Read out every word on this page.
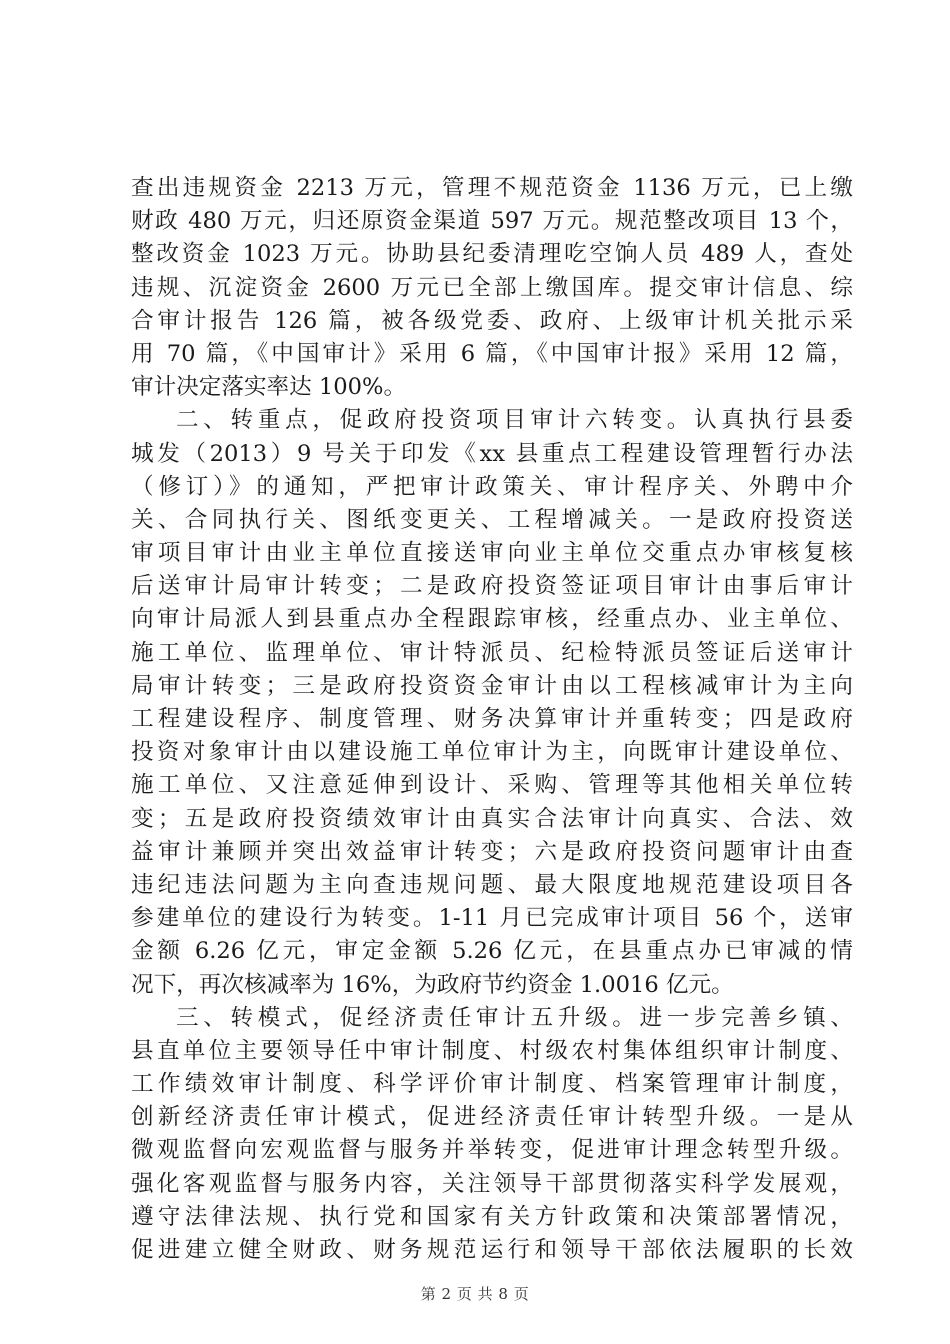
查出违规资金 2213 万元，管理不规范资金 1136 万元，已上缴
财政 480 万元，归还原资金渠道 597 万元。规范整改项目 13 个，
整改资金 1023 万元。协助县纪委清理吃空饷人员 489 人，查处
违规、沉淀资金 2600 万元已全部上缴国库。提交审计信息、综
合审计报告 126 篇，被各级党委、政府、上级审计机关批示采
用 70 篇，《中国审计》采用 6 篇，《中国审计报》采用 12 篇，
审计决定落实率达 100%。
二、转重点，促政府投资项目审计六转变。认真执行县委
城发（2013）9 号关于印发《xx 县重点工程建设管理暂行办法
（修订）》的通知，严把审计政策关、审计程序关、外聘中介
关、合同执行关、图纸变更关、工程增减关。一是政府投资送
审项目审计由业主单位直接送审向业主单位交重点办审核复核
后送审计局审计转变；二是政府投资签证项目审计由事后审计
向审计局派人到县重点办全程跟踪审核，经重点办、业主单位、
施工单位、监理单位、审计特派员、纪检特派员签证后送审计
局审计转变；三是政府投资资金审计由以工程核减审计为主向
工程建设程序、制度管理、财务决算审计并重转变；四是政府
投资对象审计由以建设施工单位审计为主，向既审计建设单位、
施工单位、又注意延伸到设计、采购、管理等其他相关单位转
变；五是政府投资绩效审计由真实合法审计向真实、合法、效
益审计兼顾并突出效益审计转变；六是政府投资问题审计由查
违纪违法问题为主向查违规问题、最大限度地规范建设项目各
参建单位的建设行为转变。1-11 月已完成审计项目 56 个，送审
金额 6.26 亿元，审定金额 5.26 亿元，在县重点办已审减的情
况下，再次核减率为 16%，为政府节约资金 1.0016 亿元。
三、转模式，促经济责任审计五升级。进一步完善乡镇、
县直单位主要领导任中审计制度、村级农村集体组织审计制度、
工作绩效审计制度、科学评价审计制度、档案管理审计制度，
创新经济责任审计模式，促进经济责任审计转型升级。一是从
微观监督向宏观监督与服务并举转变，促进审计理念转型升级。
强化客观监督与服务内容，关注领导干部贯彻落实科学发展观，
遵守法律法规、执行党和国家有关方针政策和决策部署情况，
促进建立健全财政、财务规范运行和领导干部依法履职的长效
第 2 页 共 8 页
